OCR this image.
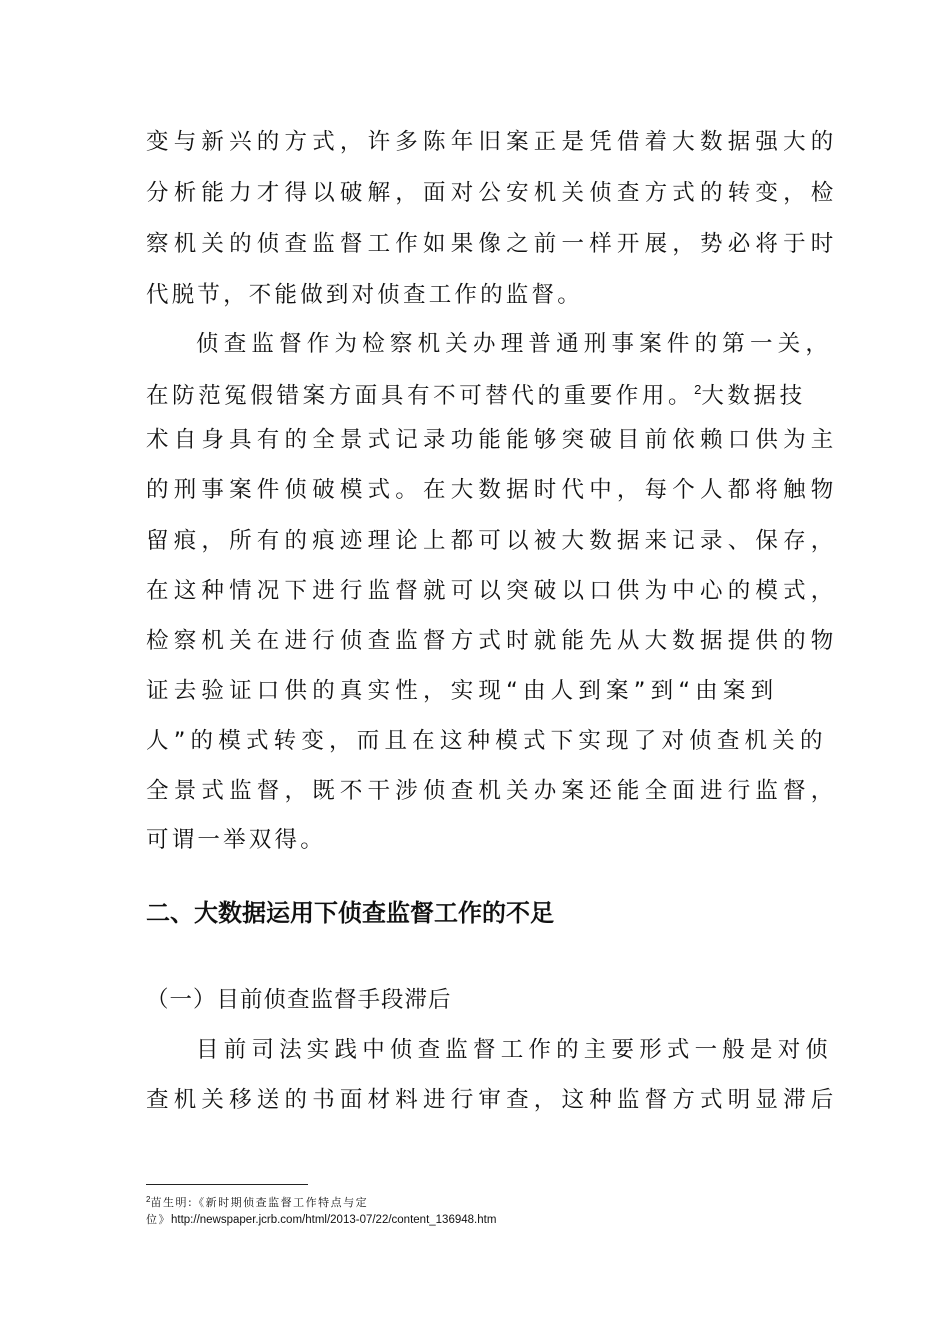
变与新兴的方式，许多陈年旧案正是凭借着大数据强大的
分析能力才得以破解，面对公安机关侦查方式的转变，检
察机关的侦查监督工作如果像之前一样开展，势必将于时
代脱节，不能做到对侦查工作的监督。
侦查监督作为检察机关办理普通刑事案件的第一关，
在防范冤假错案方面具有不可替代的重要作用。$^2$大数据技
术自身具有的全景式记录功能能够突破目前依赖口供为主
的刑事案件侦破模式。在大数据时代中，每个人都将触物
留痕，所有的痕迹理论上都可以被大数据来记录、保存，
在这种情况下进行监督就可以突破以口供为中心的模式，
检察机关在进行侦查监督方式时就能先从大数据提供的物
证去验证口供的真实性，实现“由人到案”到“由案到
人”的模式转变，而且在这种模式下实现了对侦查机关的
全景式监督，既不干涉侦查机关办案还能全面进行监督，
可谓一举双得。
二、大数据运用下侦查监督工作的不足
（一）目前侦查监督手段滞后
目前司法实践中侦查监督工作的主要形式一般是对侦
查机关移送的书面材料进行审查，这种监督方式明显滞后
$^2$苗生明:《新时期侦查监督工作特点与定
位》http://newspaper.jcrb.com/html/2013-07/22/content_136948.htm
